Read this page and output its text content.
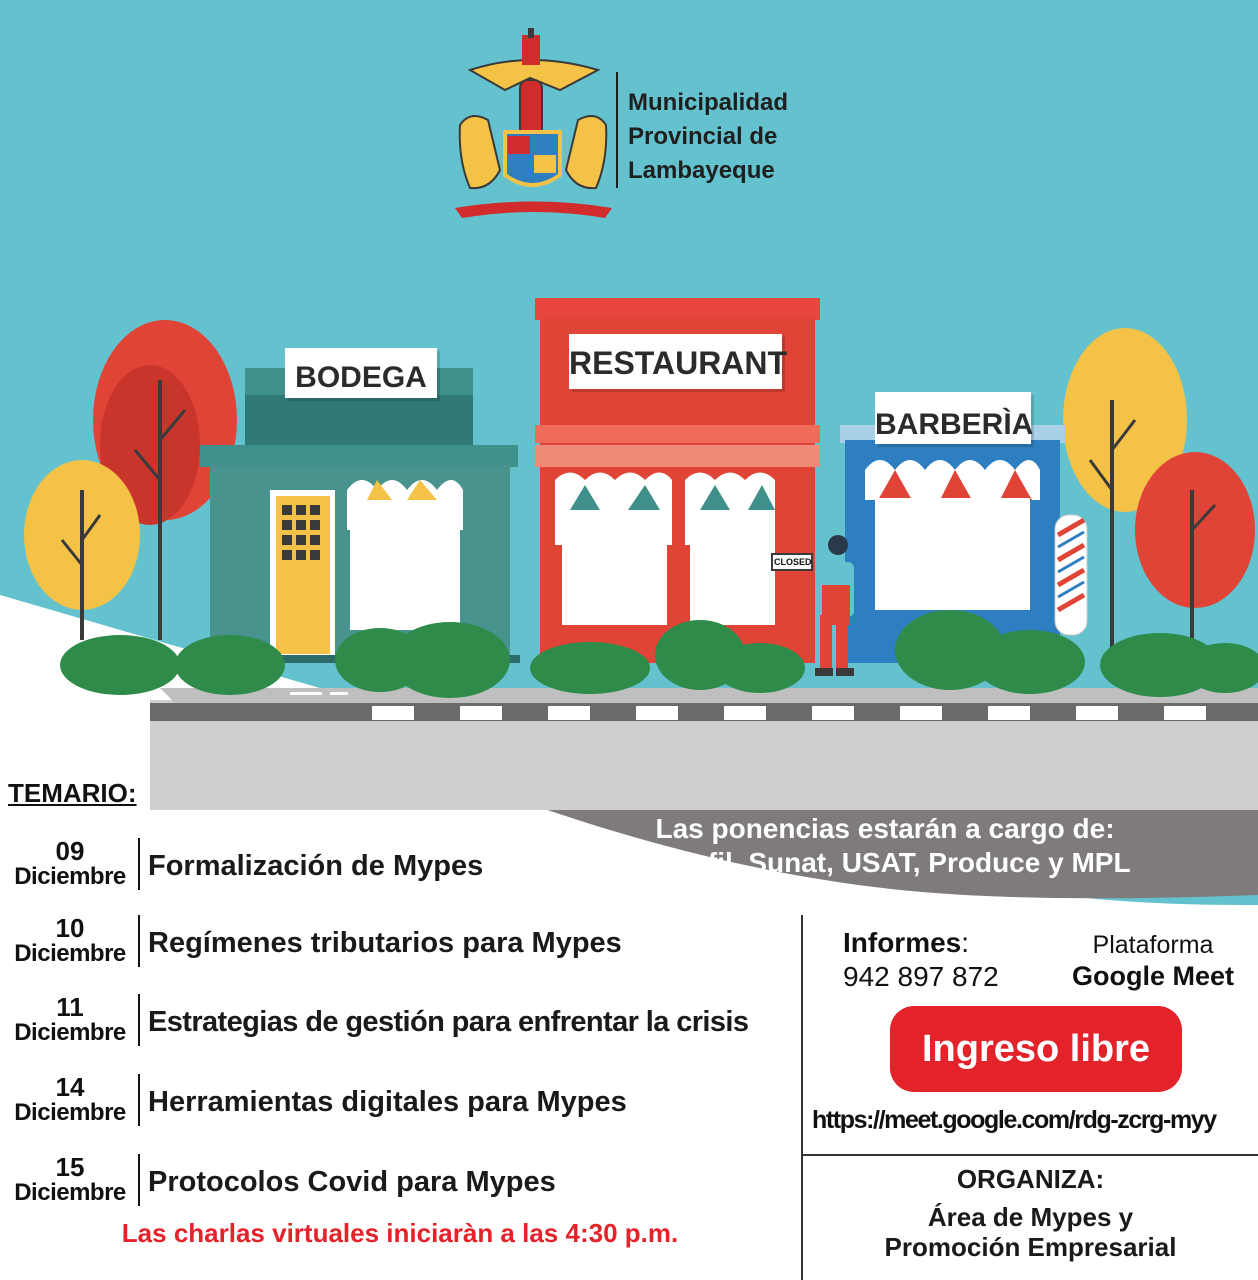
Municipalidad
Provincial de
Lambayeque
BODEGA	RESTAURANT
BARBERÌA
CLOSED
TEMARIO:
09
Diciembre Formalización de Mypes
10
Diciembre Regímenes tributarios para Mypes
11
Diciembre Estrategias de gestión para enfrentar la crisis
14
Diciembre Herramientas digitales para Mypes
15
Diciembre Protocolos Covid para Mypes
Las charlas virtuales iniciaràn a las 4:30 p.m.
Las ponencias estarán a cargo de:
Sunafil, Sunat, USAT, Produce y MPL
Informes:
942 897 872
Plataforma
Google Meet
Ingreso libre
https://meet.google.com/rdg-zcrg-myy
ORGANIZA:
Área de Mypes y
Promoción Empresarial
